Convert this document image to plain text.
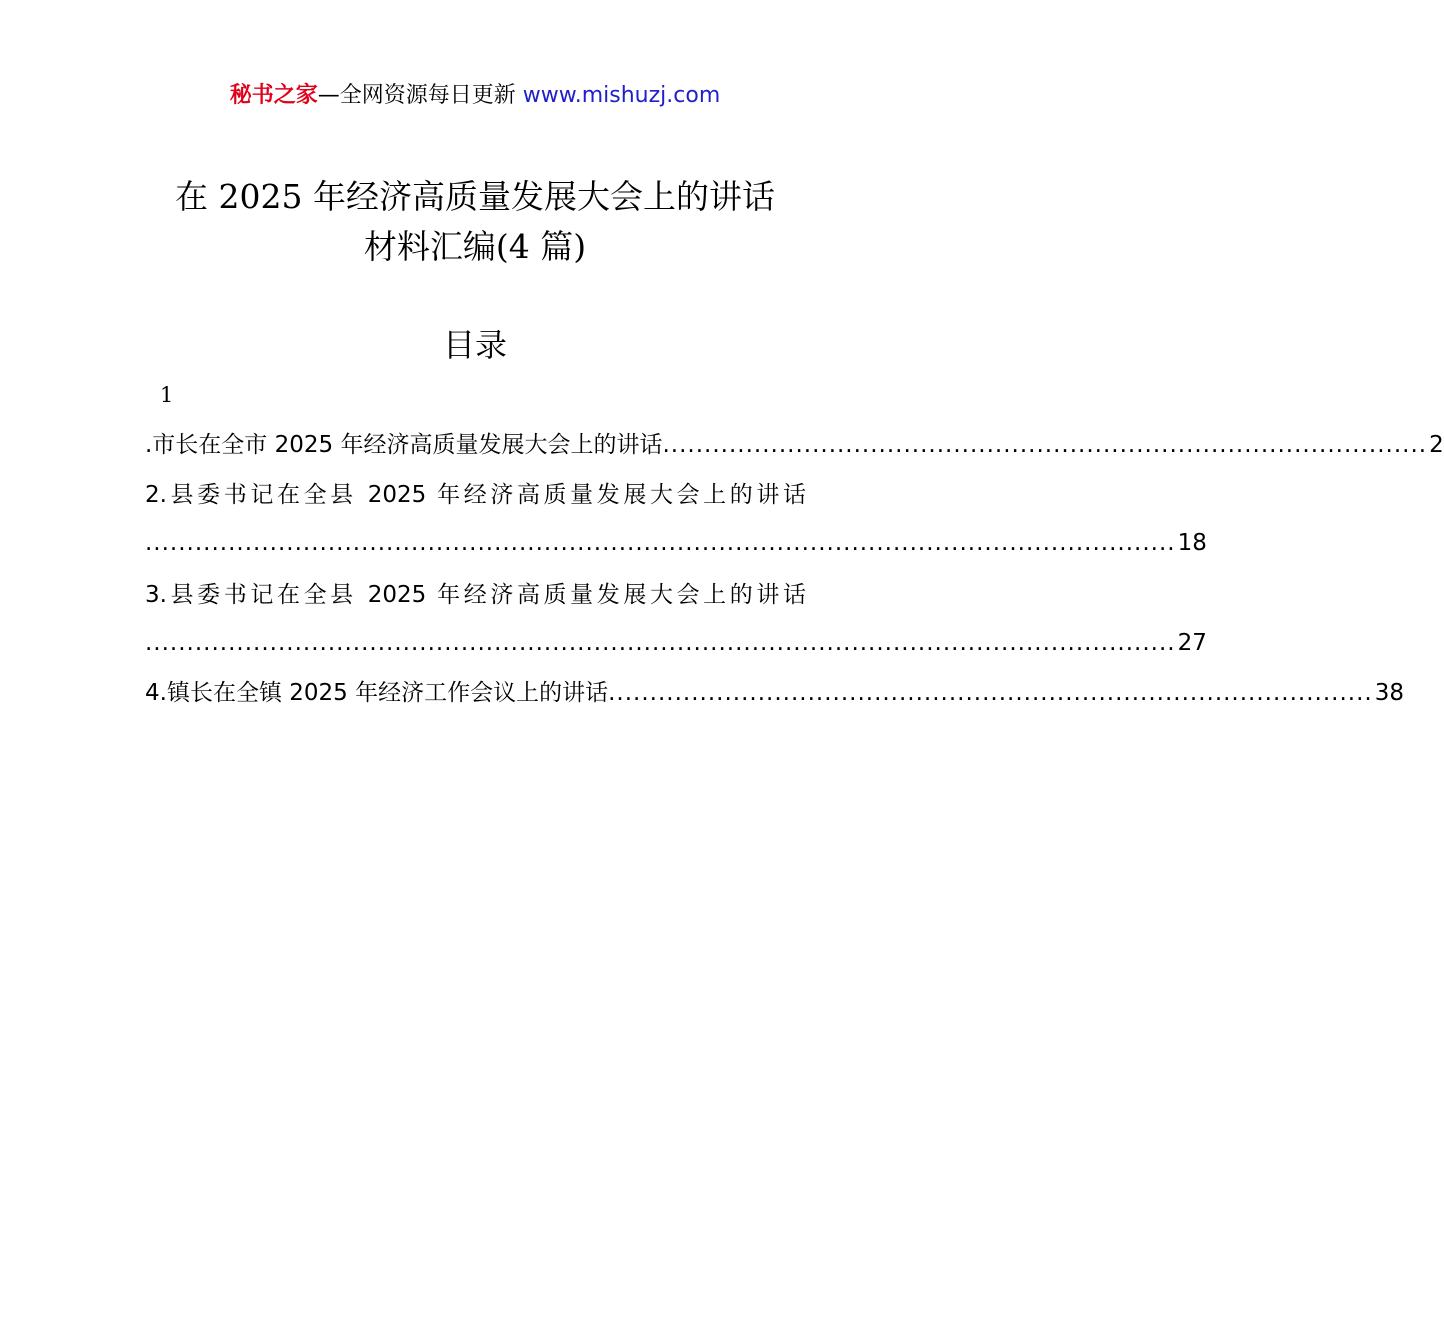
秘书之家—全网资源每日更新 www.mishuzj.com
在 2025 年经济高质量发展大会上的讲话
材料汇编(4 篇)
目录
1
.市长在全市 2025 年经济高质量发展大会上的讲话 ............................................................................................ 2
2.县委书记在全县 2025 年经济高质量发展大会上的讲话
............................................................................................................................ 18
3.县委书记在全县 2025 年经济高质量发展大会上的讲话
............................................................................................................................ 27
4.镇长在全镇 2025 年经济工作会议上的讲话 ............................................................................................ 38
